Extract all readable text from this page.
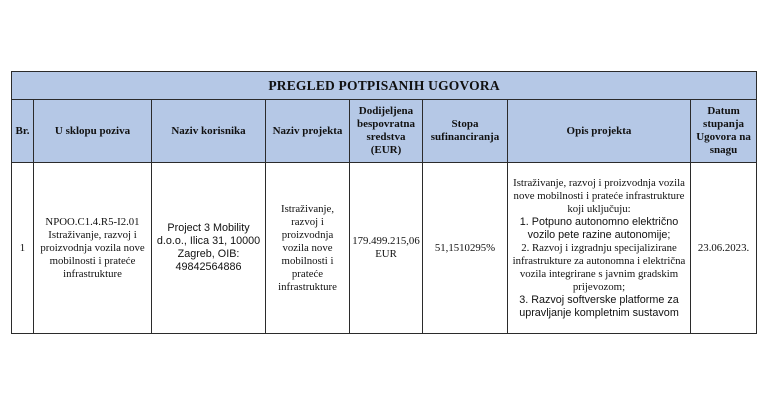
PREGLED POTPISANIH UGOVORA							
Br.	U sklopu poziva	Naziv korisnika	Naziv projekta	Dodijeljena bespovratna sredstva (EUR)	Stopa sufinanciranja	Opis projekta	Datum stupanja Ugovora na snagu
1	NPOO.C1.4.R5-I2.01 Istraživanje, razvoj i proizvodnja vozila nove mobilnosti i prateće infrastrukture	Project 3 Mobility d.o.o., Ilica 31, 10000 Zagreb, OIB: 49842564886	Istraživanje, razvoj i proizvodnja vozila nove mobilnosti i prateće infrastrukture	179.499.215,06 EUR	51,1510295%	Istraživanje, razvoj i proizvodnja vozila nove mobilnosti i prateće infrastrukture koji uključuju:
1. Potpuno autonomno električno vozilo pete razine autonomije;
2. Razvoj i izgradnju specijalizirane infrastrukture za autonomna i električna vozila integrirane s javnim gradskim prijevozom;
3. Razvoj softverske platforme za upravljanje kompletnim sustavom	23.06.2023.
